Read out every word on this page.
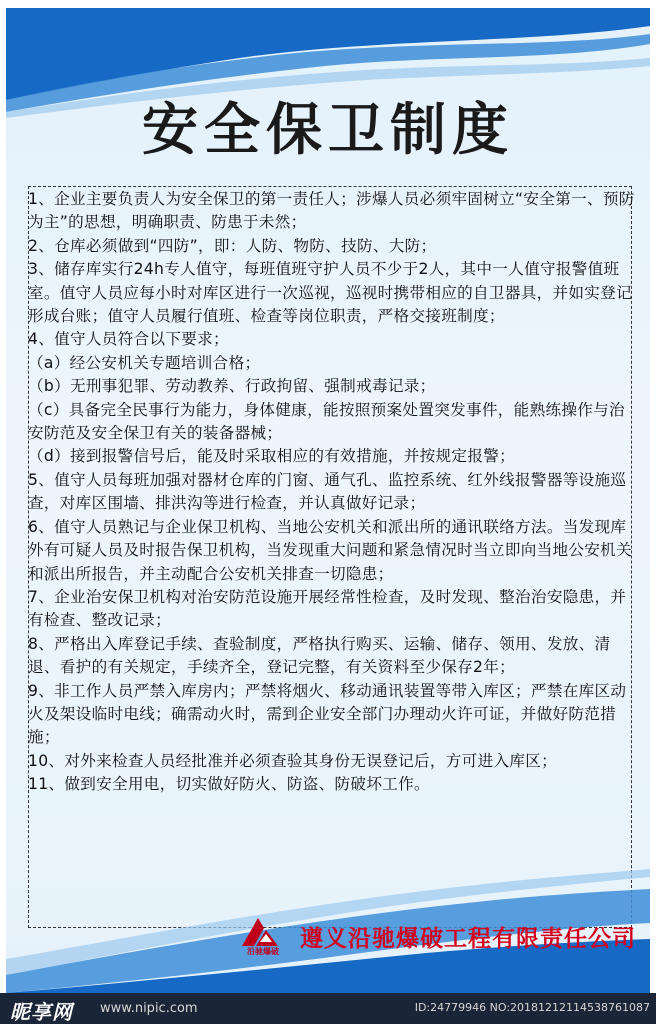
安全保卫制度

1、企业主要负责人为安全保卫的第一责任人；涉爆人员必须牢固树立“安全第一、预防为主”的思想，明确职责、防患于未然；

2、仓库必须做到“四防”，即：人防、物防、技防、大防；

3、储存库实行24h专人值守，每班值班守护人员不少于2人，其中一人值守报警值班室。值守人员应每小时对库区进行一次巡视，巡视时携带相应的自卫器具，并如实登记形成台账；值守人员履行值班、检查等岗位职责，严格交接班制度；

4、值守人员符合以下要求；

（a）经公安机关专题培训合格；

（b）无刑事犯罪、劳动教养、行政拘留、强制戒毒记录；

（c）具备完全民事行为能力，身体健康，能按照预案处置突发事件，能熟练操作与治安防范及安全保卫有关的装备器械；

（d）接到报警信号后，能及时采取相应的有效措施，并按规定报警；

5、值守人员每班加强对器材仓库的门窗、通气孔、监控系统、红外线报警器等设施巡查，对库区围墙、排洪沟等进行检查，并认真做好记录；

6、值守人员熟记与企业保卫机构、当地公安机关和派出所的通讯联络方法。当发现库外有可疑人员及时报告保卫机构，当发现重大问题和紧急情况时当立即向当地公安机关和派出所报告，并主动配合公安机关排查一切隐患；

7、企业治安保卫机构对治安防范设施开展经常性检查，及时发现、整治治安隐患，并有检查、整改记录；

8、严格出入库登记手续、查验制度，严格执行购买、运输、储存、领用、发放、清退、看护的有关规定，手续齐全，登记完整，有关资料至少保存2年；

9、非工作人员严禁入库房内；严禁将烟火、移动通讯装置等带入库区；严禁在库区动火及架设临时电线；确需动火时，需到企业安全部门办理动火许可证，并做好防范措施；

10、对外来检查人员经批准并必须查验其身份无误登记后，方可进入库区；

11、做到安全用电，切实做好防火、防盗、防破坏工作。

沿驰爆破 遵义沿驰爆破工程有限责任公司
昵享网 www.nipic.com	ID:24779946 NO:20181212114538761087
